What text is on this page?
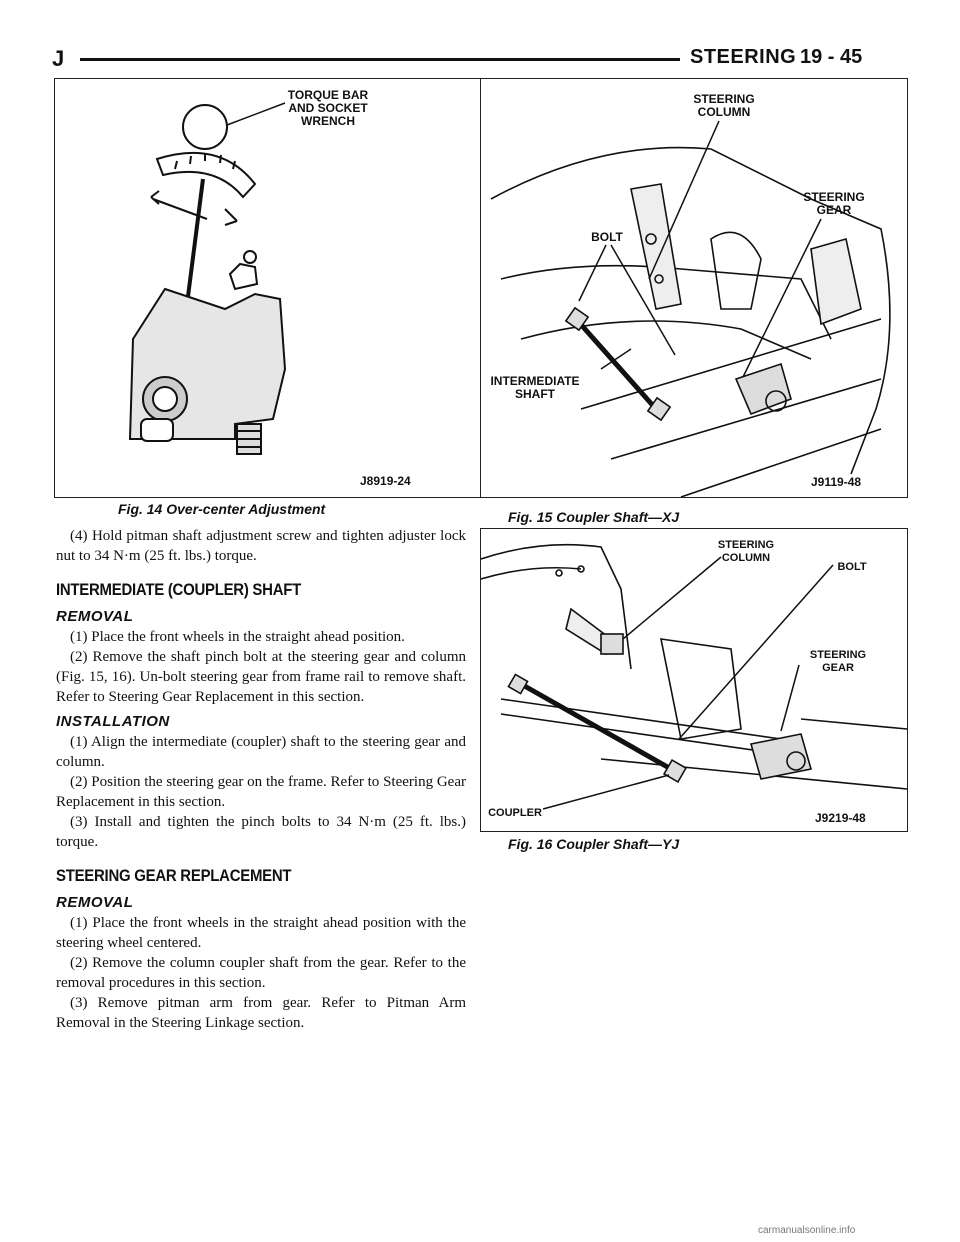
J	STEERING 19 - 45
TORQUE BAR
AND SOCKET
WRENCH
J8919-24
Fig. 14 Over-center Adjustment
STEERING
COLUMN
STEERING
GEAR
BOLT
INTERMEDIATE
SHAFT
J9119-48
Fig. 15 Coupler Shaft—XJ
STEERING
COLUMN
BOLT
STEERING
GEAR
COUPLER	J9219-48
Fig. 16 Coupler Shaft—YJ

(4) Hold pitman shaft adjustment screw and tighten adjuster lock nut to 34 N·m (25 ft. lbs.) torque.

INTERMEDIATE (COUPLER) SHAFT
REMOVAL

(1) Place the front wheels in the straight ahead position.

(2) Remove the shaft pinch bolt at the steering gear and column (Fig. 15, 16). Un-bolt steering gear from frame rail to remove shaft. Refer to Steering Gear Replacement in this section.

INSTALLATION

(1) Align the intermediate (coupler) shaft to the steering gear and column.

(2) Position the steering gear on the frame. Refer to Steering Gear Replacement in this section.

(3) Install and tighten the pinch bolts to 34 N·m (25 ft. lbs.) torque.

STEERING GEAR REPLACEMENT
REMOVAL

(1) Place the front wheels in the straight ahead position with the steering wheel centered.

(2) Remove the column coupler shaft from the gear. Refer to the removal procedures in this section.

(3) Remove pitman arm from gear. Refer to Pitman Arm Removal in the Steering Linkage section.

carmanualsonline.info
